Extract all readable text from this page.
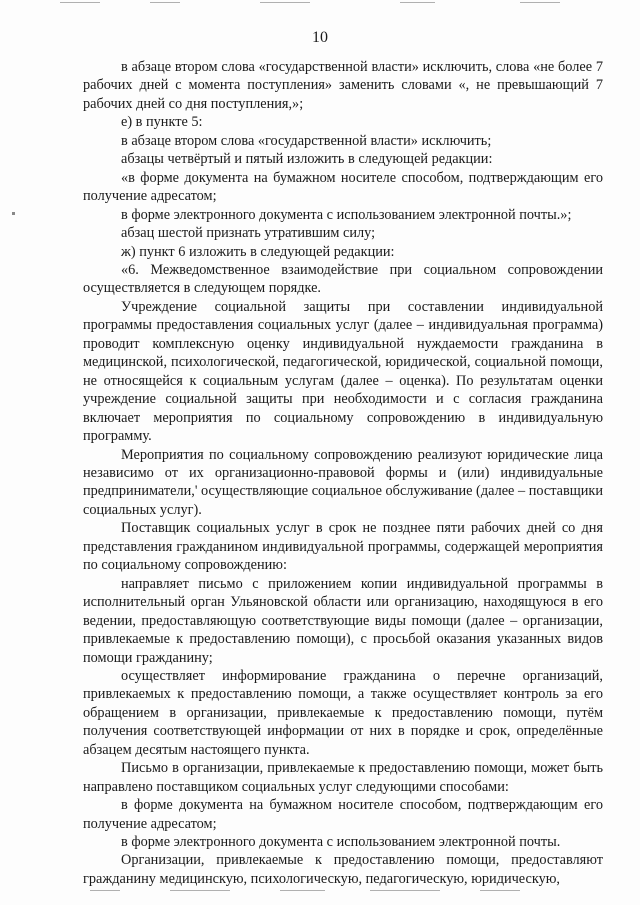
10

в абзаце втором слова «государственной власти» исключить, слова «не более 7 рабочих дней с момента поступления» заменить словами «, не превышающий 7 рабочих дней со дня поступления,»;

е) в пункте 5:

в абзаце втором слова «государственной власти» исключить;

абзацы четвёртый и пятый изложить в следующей редакции:

«в форме документа на бумажном носителе способом, подтверждающим его получение адресатом;

в форме электронного документа с использованием электронной почты.»;

абзац шестой признать утратившим силу;

ж) пункт 6 изложить в следующей редакции:

«6. Межведомственное взаимодействие при социальном сопровождении осуществляется в следующем порядке.

Учреждение социальной защиты при составлении индивидуальной программы предоставления социальных услуг (далее – индивидуальная программа) проводит комплексную оценку индивидуальной нуждаемости гражданина в медицинской, психологической, педагогической, юридической, социальной помощи, не относящейся к социальным услугам (далее – оценка). По результатам оценки учреждение социальной защиты при необходимости и с согласия гражданина включает мероприятия по социальному сопровождению в индивидуальную программу.

Мероприятия по социальному сопровождению реализуют юридические лица независимо от их организационно-правовой формы и (или) индивидуальные предприниматели,' осуществляющие социальное обслуживание (далее – поставщики социальных услуг).

Поставщик социальных услуг в срок не позднее пяти рабочих дней со дня представления гражданином индивидуальной программы, содержащей мероприятия по социальному сопровождению:

направляет письмо с приложением копии индивидуальной программы в исполнительный орган Ульяновской области или организацию, находящуюся в его ведении, предоставляющую соответствующие виды помощи (далее – организации, привлекаемые к предоставлению помощи), с просьбой оказания указанных видов помощи гражданину;

осуществляет информирование гражданина о перечне организаций, привлекаемых к предоставлению помощи, а также осуществляет контроль за его обращением в организации, привлекаемые к предоставлению помощи, путём получения соответствующей информации от них в порядке и срок, определённые абзацем десятым настоящего пункта.

Письмо в организации, привлекаемые к предоставлению помощи, может быть направлено поставщиком социальных услуг следующими способами:

в форме документа на бумажном носителе способом, подтверждающим его получение адресатом;

в форме электронного документа с использованием электронной почты.

Организации, привлекаемые к предоставлению помощи, предоставляют гражданину медицинскую, психологическую, педагогическую, юридическую,
